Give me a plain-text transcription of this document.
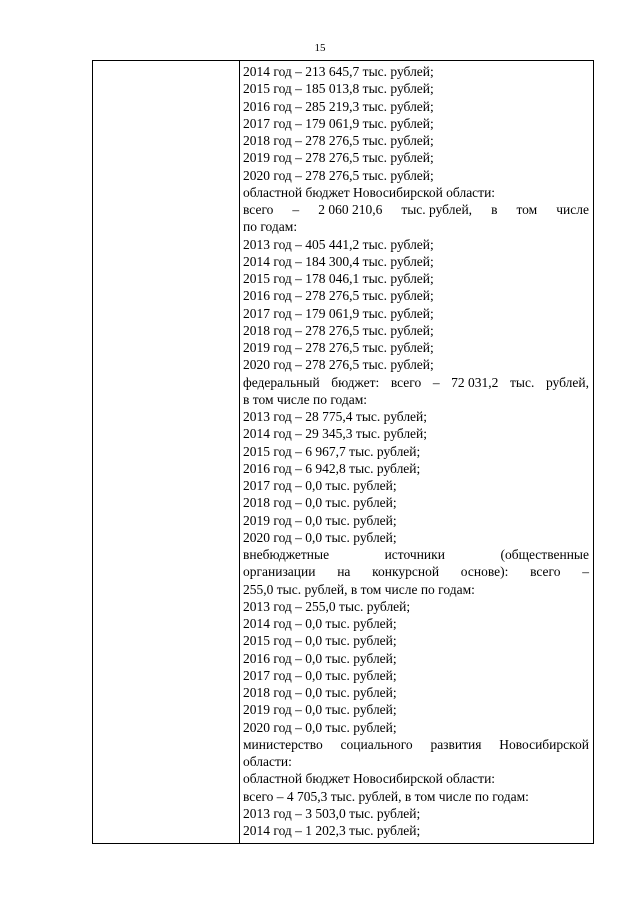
15
2014 год – 213 645,7 тыс. рублей;
2015 год – 185 013,8 тыс. рублей;
2016 год – 285 219,3 тыс. рублей;
2017 год – 179 061,9 тыс. рублей;
2018 год – 278 276,5 тыс. рублей;
2019 год – 278 276,5 тыс. рублей;
2020 год – 278 276,5 тыс. рублей;
областной бюджет Новосибирской области:
всего – 2 060 210,6 тыс. рублей, в том числе
по годам:
2013 год – 405 441,2 тыс. рублей;
2014 год – 184 300,4 тыс. рублей;
2015 год – 178 046,1 тыс. рублей;
2016 год – 278 276,5 тыс. рублей;
2017 год – 179 061,9 тыс. рублей;
2018 год – 278 276,5 тыс. рублей;
2019 год – 278 276,5 тыс. рублей;
2020 год – 278 276,5 тыс. рублей;
федеральный бюджет: всего – 72 031,2 тыс. рублей,
в том числе по годам:
2013 год – 28 775,4 тыс. рублей;
2014 год – 29 345,3 тыс. рублей;
2015 год – 6 967,7 тыс. рублей;
2016 год – 6 942,8 тыс. рублей;
2017 год – 0,0 тыс. рублей;
2018 год – 0,0 тыс. рублей;
2019 год – 0,0 тыс. рублей;
2020 год – 0,0 тыс. рублей;
внебюджетные	источники	(общественные
организации на конкурсной основе): всего –
255,0 тыс. рублей, в том числе по годам:
2013 год – 255,0 тыс. рублей;
2014 год – 0,0 тыс. рублей;
2015 год – 0,0 тыс. рублей;
2016 год – 0,0 тыс. рублей;
2017 год – 0,0 тыс. рублей;
2018 год – 0,0 тыс. рублей;
2019 год – 0,0 тыс. рублей;
2020 год – 0,0 тыс. рублей;
министерство социального развития Новосибирской
области:
областной бюджет Новосибирской области:
всего – 4 705,3 тыс. рублей, в том числе по годам:
2013 год – 3 503,0 тыс. рублей;
2014 год – 1 202,3 тыс. рублей;
